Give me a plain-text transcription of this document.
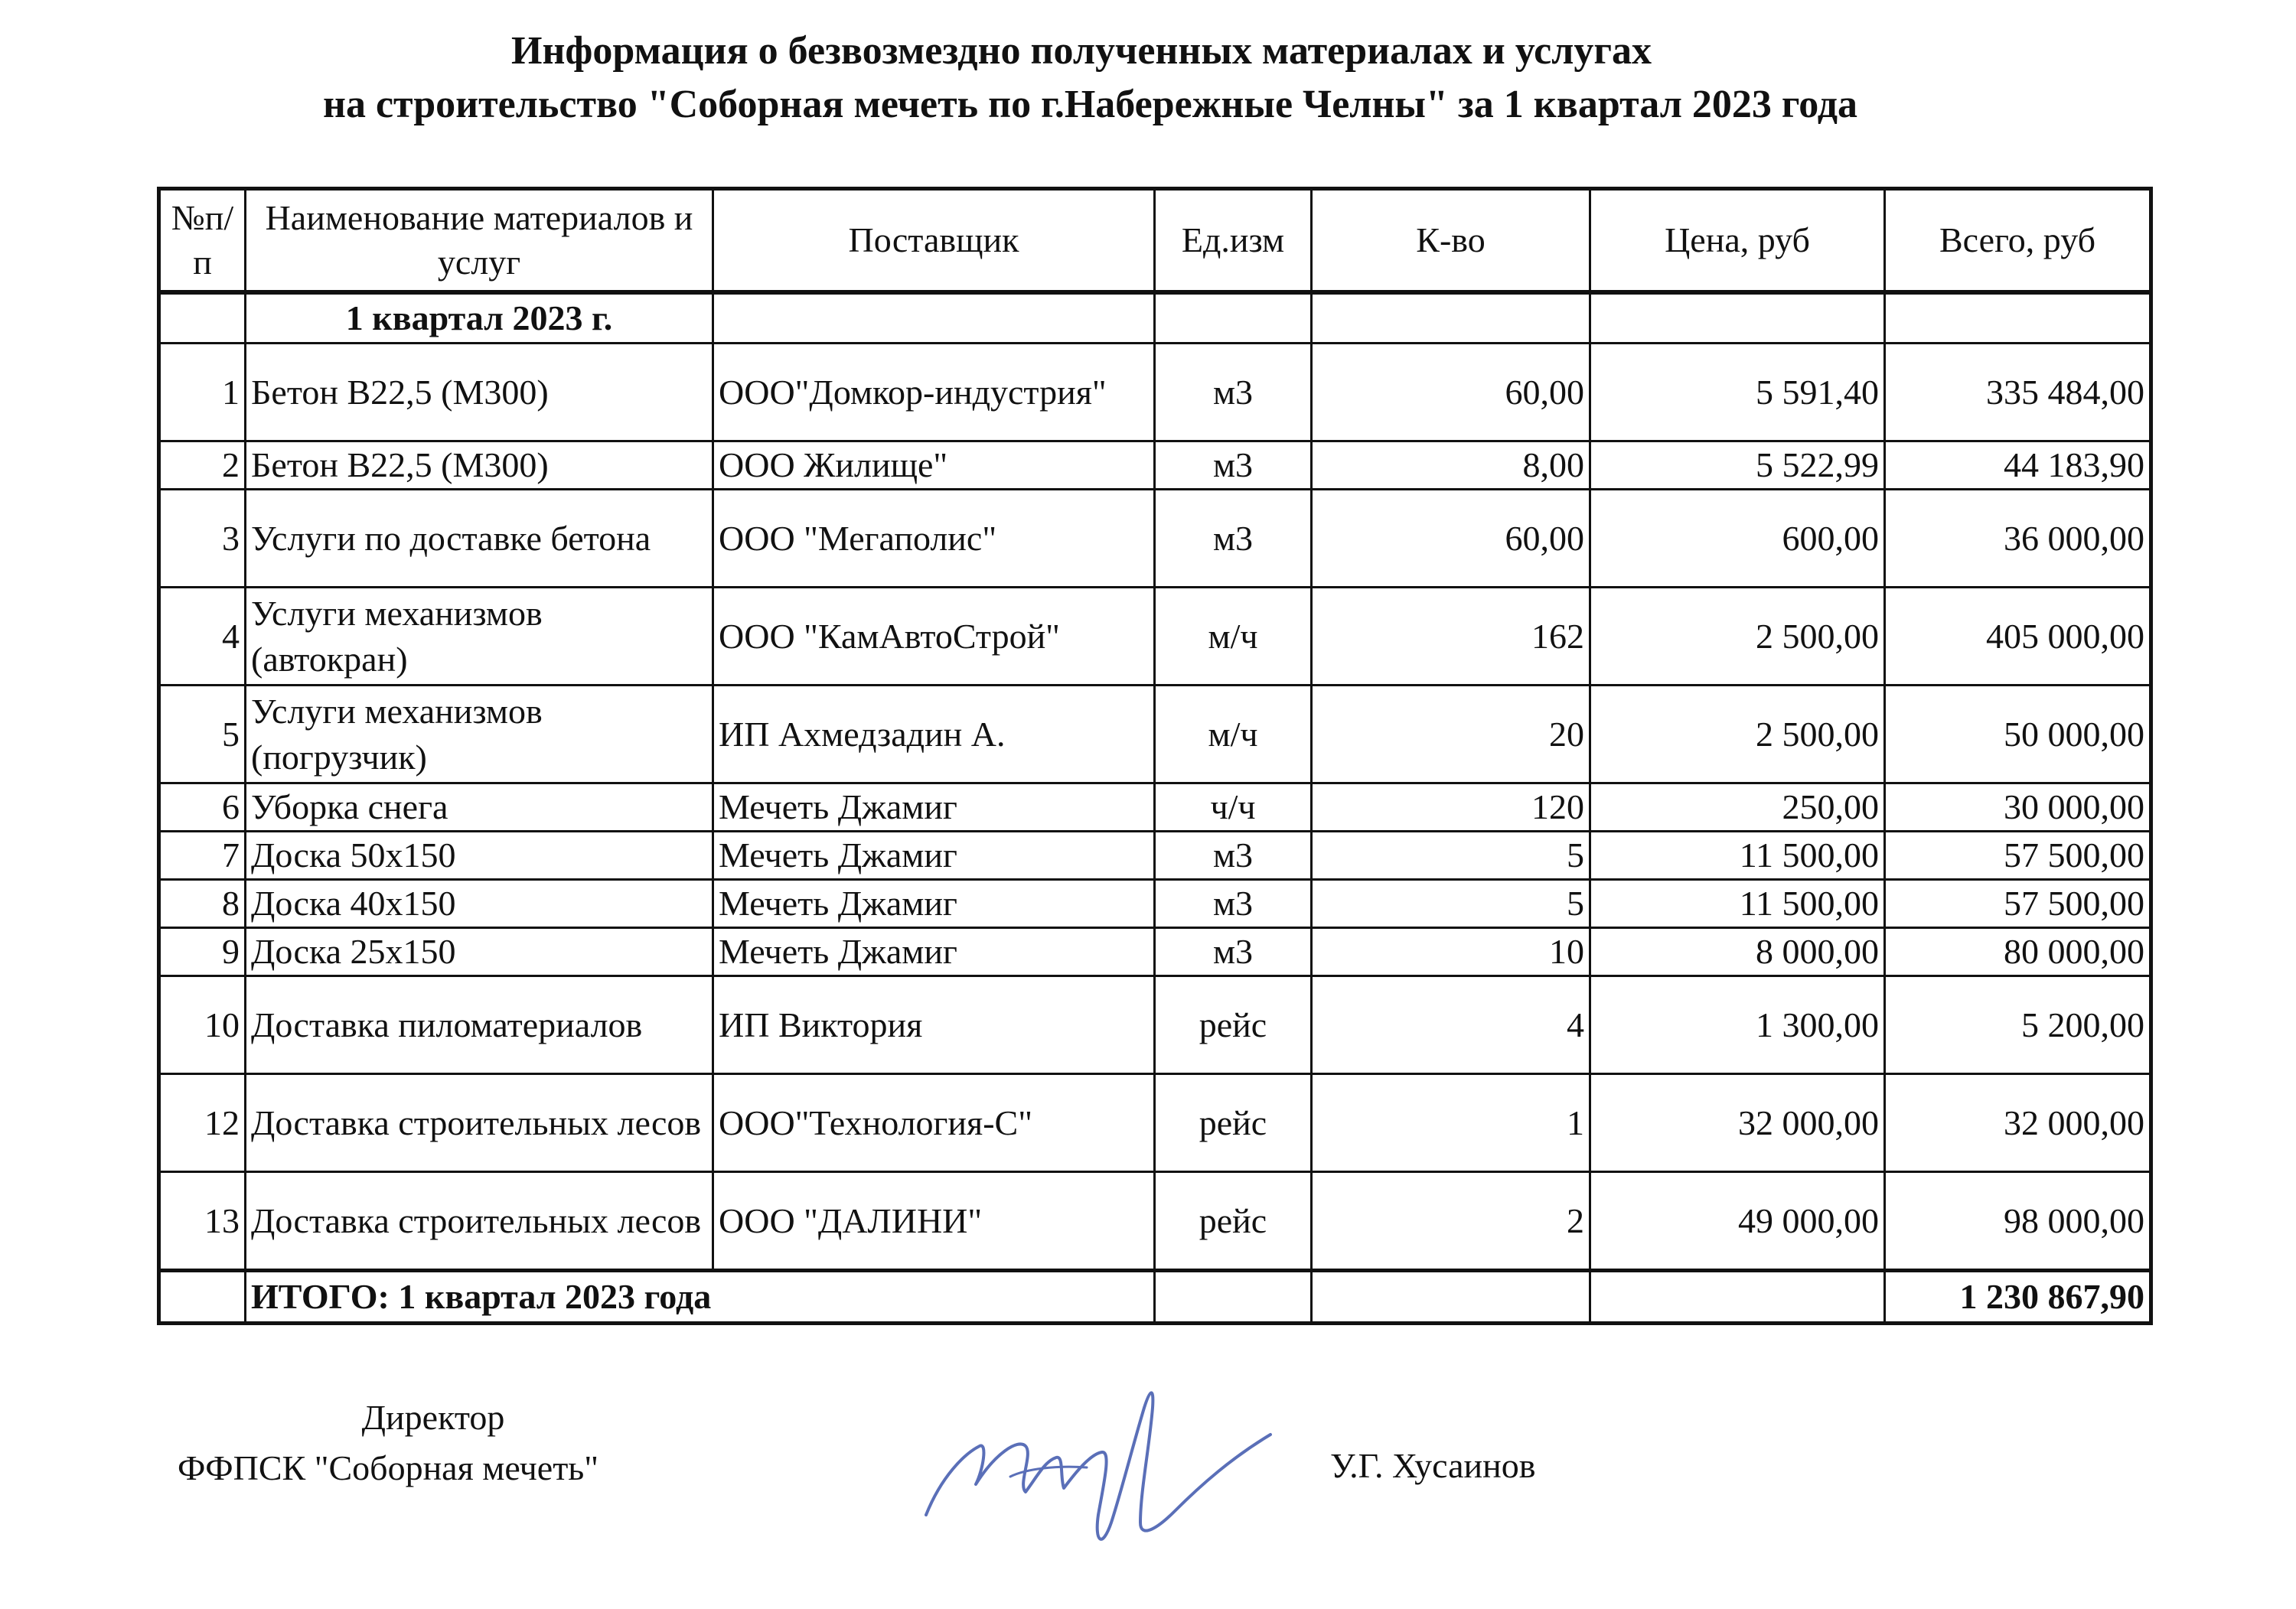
Информация о безвозмездно полученных материалах и услугах
на строительство "Соборная мечеть по г.Набережные Челны" за 1 квартал 2023 года
№п/п	Наименование материалов и услуг	Поставщик	Ед.изм	К-во	Цена, руб	Всего, руб
	1 квартал 2023 г.					
1	Бетон В22,5 (М300)	ООО"Домкор-индустрия"	м3	60,00	5 591,40	335 484,00
2	Бетон В22,5 (М300)	ООО Жилище"	м3	8,00	5 522,99	44 183,90
3	Услуги по доставке бетона	ООО "Мегаполис"	м3	60,00	600,00	36 000,00
4	Услуги механизмов (автокран)	ООО "КамАвтоСтрой"	м/ч	162	2 500,00	405 000,00
5	Услуги механизмов (погрузчик)	ИП Ахмедзадин А.	м/ч	20	2 500,00	50 000,00
6	Уборка снега	Мечеть Джамиг	ч/ч	120	250,00	30 000,00
7	Доска 50х150	Мечеть Джамиг	м3	5	11 500,00	57 500,00
8	Доска 40х150	Мечеть Джамиг	м3	5	11 500,00	57 500,00
9	Доска 25х150	Мечеть Джамиг	м3	10	8 000,00	80 000,00
10	Доставка пиломатериалов	ИП Виктория	рейс	4	1 300,00	5 200,00
12	Доставка строительных лесов	ООО"Технология-С"	рейс	1	32 000,00	32 000,00
13	Доставка строительных лесов	ООО "ДАЛИНИ"	рейс	2	49 000,00	98 000,00
	ИТОГО: 1 квартал 2023 года					1 230 867,90
Директор
ФФПСК "Соборная мечеть"	У.Г. Хусаинов
